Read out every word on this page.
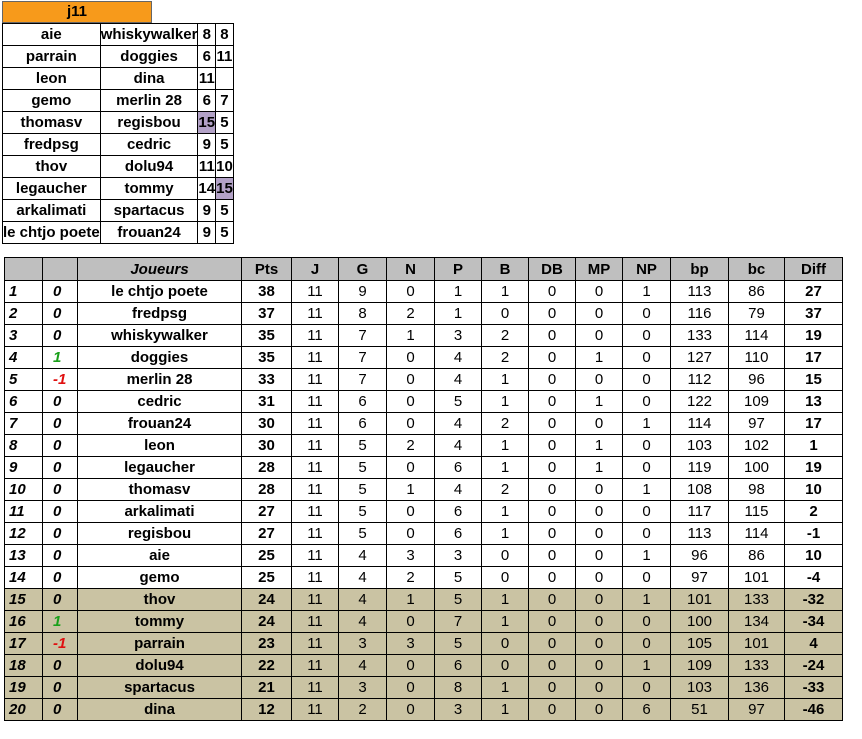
j11
aie	whiskywalker	8	8
parrain	doggies	6	11
leon	dina	11	
gemo	merlin 28	6	7
thomasv	regisbou	15	5
fredpsg	cedric	9	5
thov	dolu94	11	10
legaucher	tommy	14	15
arkalimati	spartacus	9	5
le chtjo poete	frouan24	9	5
		Joueurs	Pts	J	G	N	P	B	DB	MP	NP	bp	bc	Diff
1	0	le chtjo poete	38	11	9	0	1	1	0	0	1	113	86	27
2	0	fredpsg	37	11	8	2	1	0	0	0	0	116	79	37
3	0	whiskywalker	35	11	7	1	3	2	0	0	0	133	114	19
4	1	doggies	35	11	7	0	4	2	0	1	0	127	110	17
5	-1	merlin 28	33	11	7	0	4	1	0	0	0	112	96	15
6	0	cedric	31	11	6	0	5	1	0	1	0	122	109	13
7	0	frouan24	30	11	6	0	4	2	0	0	1	114	97	17
8	0	leon	30	11	5	2	4	1	0	1	0	103	102	1
9	0	legaucher	28	11	5	0	6	1	0	1	0	119	100	19
10	0	thomasv	28	11	5	1	4	2	0	0	1	108	98	10
11	0	arkalimati	27	11	5	0	6	1	0	0	0	117	115	2
12	0	regisbou	27	11	5	0	6	1	0	0	0	113	114	-1
13	0	aie	25	11	4	3	3	0	0	0	1	96	86	10
14	0	gemo	25	11	4	2	5	0	0	0	0	97	101	-4
15	0	thov	24	11	4	1	5	1	0	0	1	101	133	-32
16	1	tommy	24	11	4	0	7	1	0	0	0	100	134	-34
17	-1	parrain	23	11	3	3	5	0	0	0	0	105	101	4
18	0	dolu94	22	11	4	0	6	0	0	0	1	109	133	-24
19	0	spartacus	21	11	3	0	8	1	0	0	0	103	136	-33
20	0	dina	12	11	2	0	3	1	0	0	6	51	97	-46
